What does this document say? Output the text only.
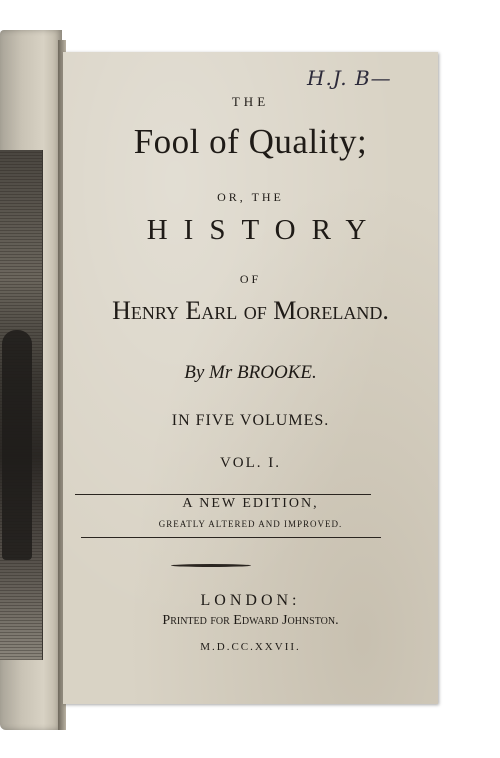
H.J. B—
THE
Fool of Quality;
OR, THE
HISTORY
OF
Henry Earl of Moreland.
By Mr BROOKE.
IN FIVE VOLUMES.
VOL. I.
A NEW EDITION,
GREATLY ALTERED AND IMPROVED.
LONDON:
Printed for Edward Johnston.
M.D.CC.XXVII.
